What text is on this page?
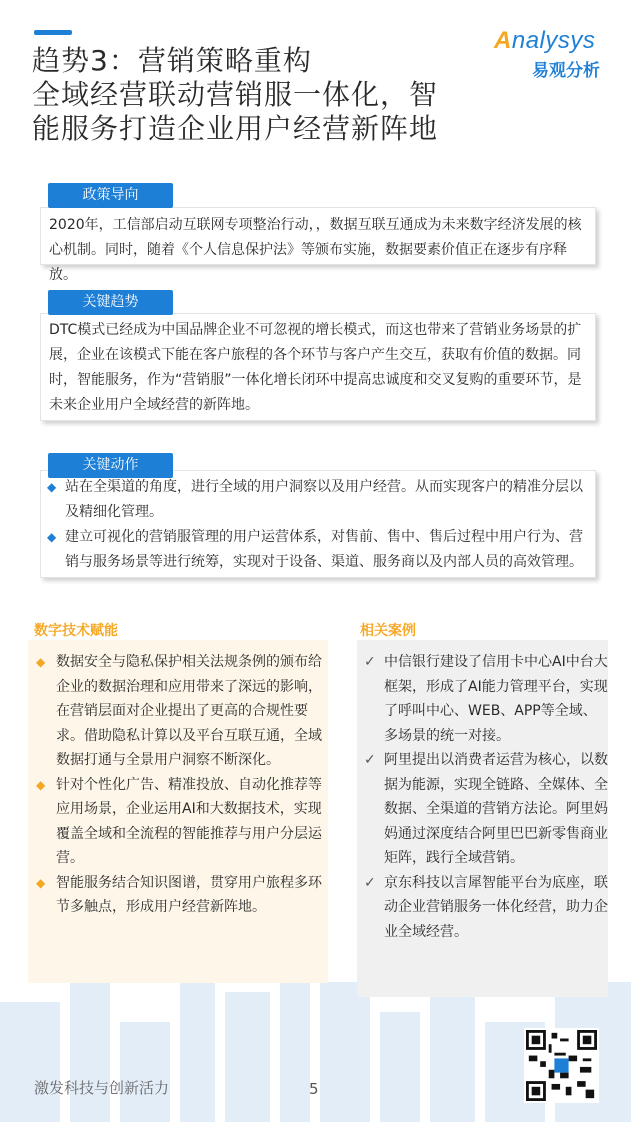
趋势3：营销策略重构
全域经营联动营销服一体化，智
能服务打造企业用户经营新阵地
Analysys
易观分析

2020年，工信部启动互联网专项整治行动，，数据互联互通成为未来数字经济发展的核心机制。同时，随着《个人信息保护法》等颁布实施，数据要素价值正在逐步有序释放。

政策导向

DTC模式已经成为中国品牌企业不可忽视的增长模式，而这也带来了营销业务场景的扩展，企业在该模式下能在客户旅程的各个环节与客户产生交互，获取有价值的数据。同时，智能服务，作为“营销服”一体化增长闭环中提高忠诚度和交叉复购的重要环节，是未来企业用户全域经营的新阵地。

关键趋势
◆ 站在全渠道的角度，进行全域的用户洞察以及用户经营。从而实现客户的精准分层以及精细化管理。
◆ 建立可视化的营销服管理的用户运营体系，对售前、售中、售后过程中用户行为、营销与服务场景等进行统筹，实现对于设备、渠道、服务商以及内部人员的高效管理。
关键动作
数字技术赋能
◆ 数据安全与隐私保护相关法规条例的颁布给企业的数据治理和应用带来了深远的影响，在营销层面对企业提出了更高的合规性要求。借助隐私计算以及平台互联互通，全域数据打通与全景用户洞察不断深化。
◆ 针对个性化广告、精准投放、自动化推荐等应用场景，企业运用AI和大数据技术，实现覆盖全域和全流程的智能推荐与用户分层运营。
◆ 智能服务结合知识图谱，贯穿用户旅程多环节多触点，形成用户经营新阵地。
相关案例
✓ 中信银行建设了信用卡中心AI中台大框架，形成了AI能力管理平台，实现了呼叫中心、WEB、APP等全域、多场景的统一对接。
✓ 阿里提出以消费者运营为核心，以数据为能源，实现全链路、全媒体、全数据、全渠道的营销方法论。阿里妈妈通过深度结合阿里巴巴新零售商业矩阵，践行全域营销。
✓ 京东科技以言犀智能平台为底座，联动企业营销服务一体化经营，助力企业全域经营。
激发科技与创新活力	5
